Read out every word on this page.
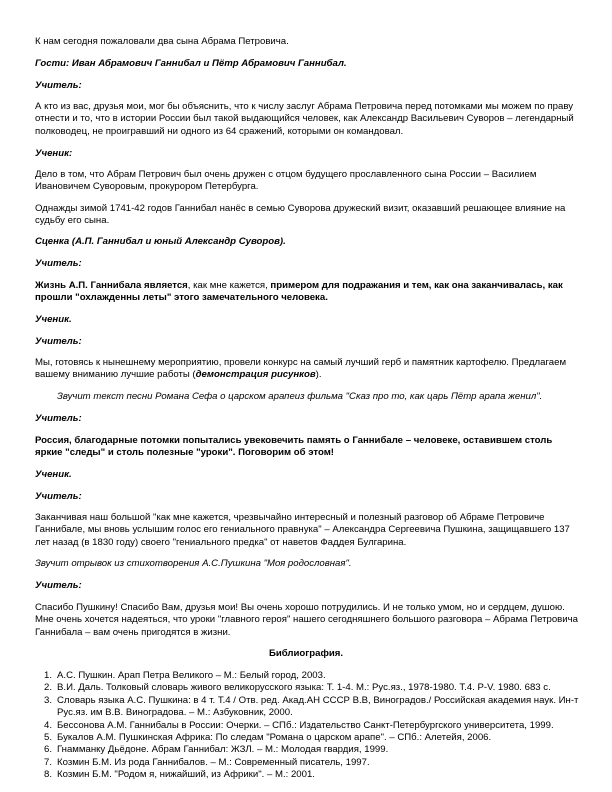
К нам сегодня пожаловали два сына Абрама Петровича.

Гости: Иван Абрамович Ганнибал и Пётр Абрамович Ганнибал.

Учитель:

А кто из вас, друзья мои, мог бы объяснить, что к числу заслуг Абрама Петровича перед потомками мы можем по праву отнести и то, что в истории России был такой выдающийся человек, как Александр Васильевич Суворов – легендарный полководец, не проигравший ни одного из 64 сражений, которыми он командовал.

Ученик:

Дело в том, что Абрам Петрович был очень дружен с отцом будущего прославленного сына России – Василием Ивановичем Суворовым, прокурором Петербурга.

Однажды зимой 1741-42 годов Ганнибал нанёс в семью Суворова дружеский визит, оказавший решающее влияние на судьбу его сына.

Сценка (А.П. Ганнибал и юный Александр Суворов).

Учитель:

Жизнь А.П. Ганнибала является, как мне кажется, примером для подражания и тем, как она заканчивалась, как прошли "охлажденны леты" этого замечательного человека.

Ученик.

Учитель:

Мы, готовясь к нынешнему мероприятию, провели конкурс на самый лучший герб и памятник картофелю. Предлагаем вашему вниманию лучшие работы (демонстрация рисунков).

Звучит текст песни Романа Сефа о царском арапеиз фильма "Сказ про то, как царь Пётр арапа женил".

Учитель:

Россия, благодарные потомки попытались увековечить память о Ганнибале – человеке, оставившем столь яркие "следы" и столь полезные "уроки". Поговорим об этом!

Ученик.

Учитель:

Заканчивая наш большой "как мне кажется, чрезвычайно интересный и полезный разговор об Абраме Петровиче Ганнибале, мы вновь услышим голос его гениального правнука" – Александра Сергеевича Пушкина, защищавшего 137 лет назад (в 1830 году) своего "гениального предка" от наветов Фаддея Булгарина.

Звучит отрывок из стихотворения А.С.Пушкина "Моя родословная".

Учитель:

Спасибо Пушкину! Спасибо Вам, друзья мои! Вы очень хорошо потрудились. И не только умом, но и сердцем, душою. Мне очень хочется надеяться, что уроки "главного героя" нашего сегодняшнего большого разговора – Абрама Петровича Ганнибала – вам очень пригодятся в жизни.

Библиография.

1. А.С. Пушкин. Арап Петра Великого – М.: Белый город, 2003.
2. В.И. Даль. Толковый словарь живого великорусского языка: Т. 1-4. М.: Рус.яз., 1978-1980. Т.4. Р-V. 1980. 683 с.
3. Словарь языка А.С. Пушкина: в 4 т. Т.4 / Отв. ред. Акад.АН СССР В.В, Виноградов./ Российская академия наук. Ин-т Рус.яз. им В.В. Виноградова. – М.: Азбуковник, 2000.
4. Бессонова А.М. Ганнибалы в России: Очерки. – СПб.: Издательство Санкт-Петербургского университета, 1999.
5. Букалов А.М. Пушкинская Африка: По следам "Романа о царском арапе". – СПб.: Алетейя, 2006.
6. Гнамманку Дьёдоне. Абрам Ганнибал: ЖЗЛ. – М.: Молодая гвардия, 1999.
7. Козмин Б.М. Из рода Ганнибалов. – М.: Современный писатель, 1997.
8. Козмин Б.М. "Родом я, нижайший, из Африки". – М.: 2001.
